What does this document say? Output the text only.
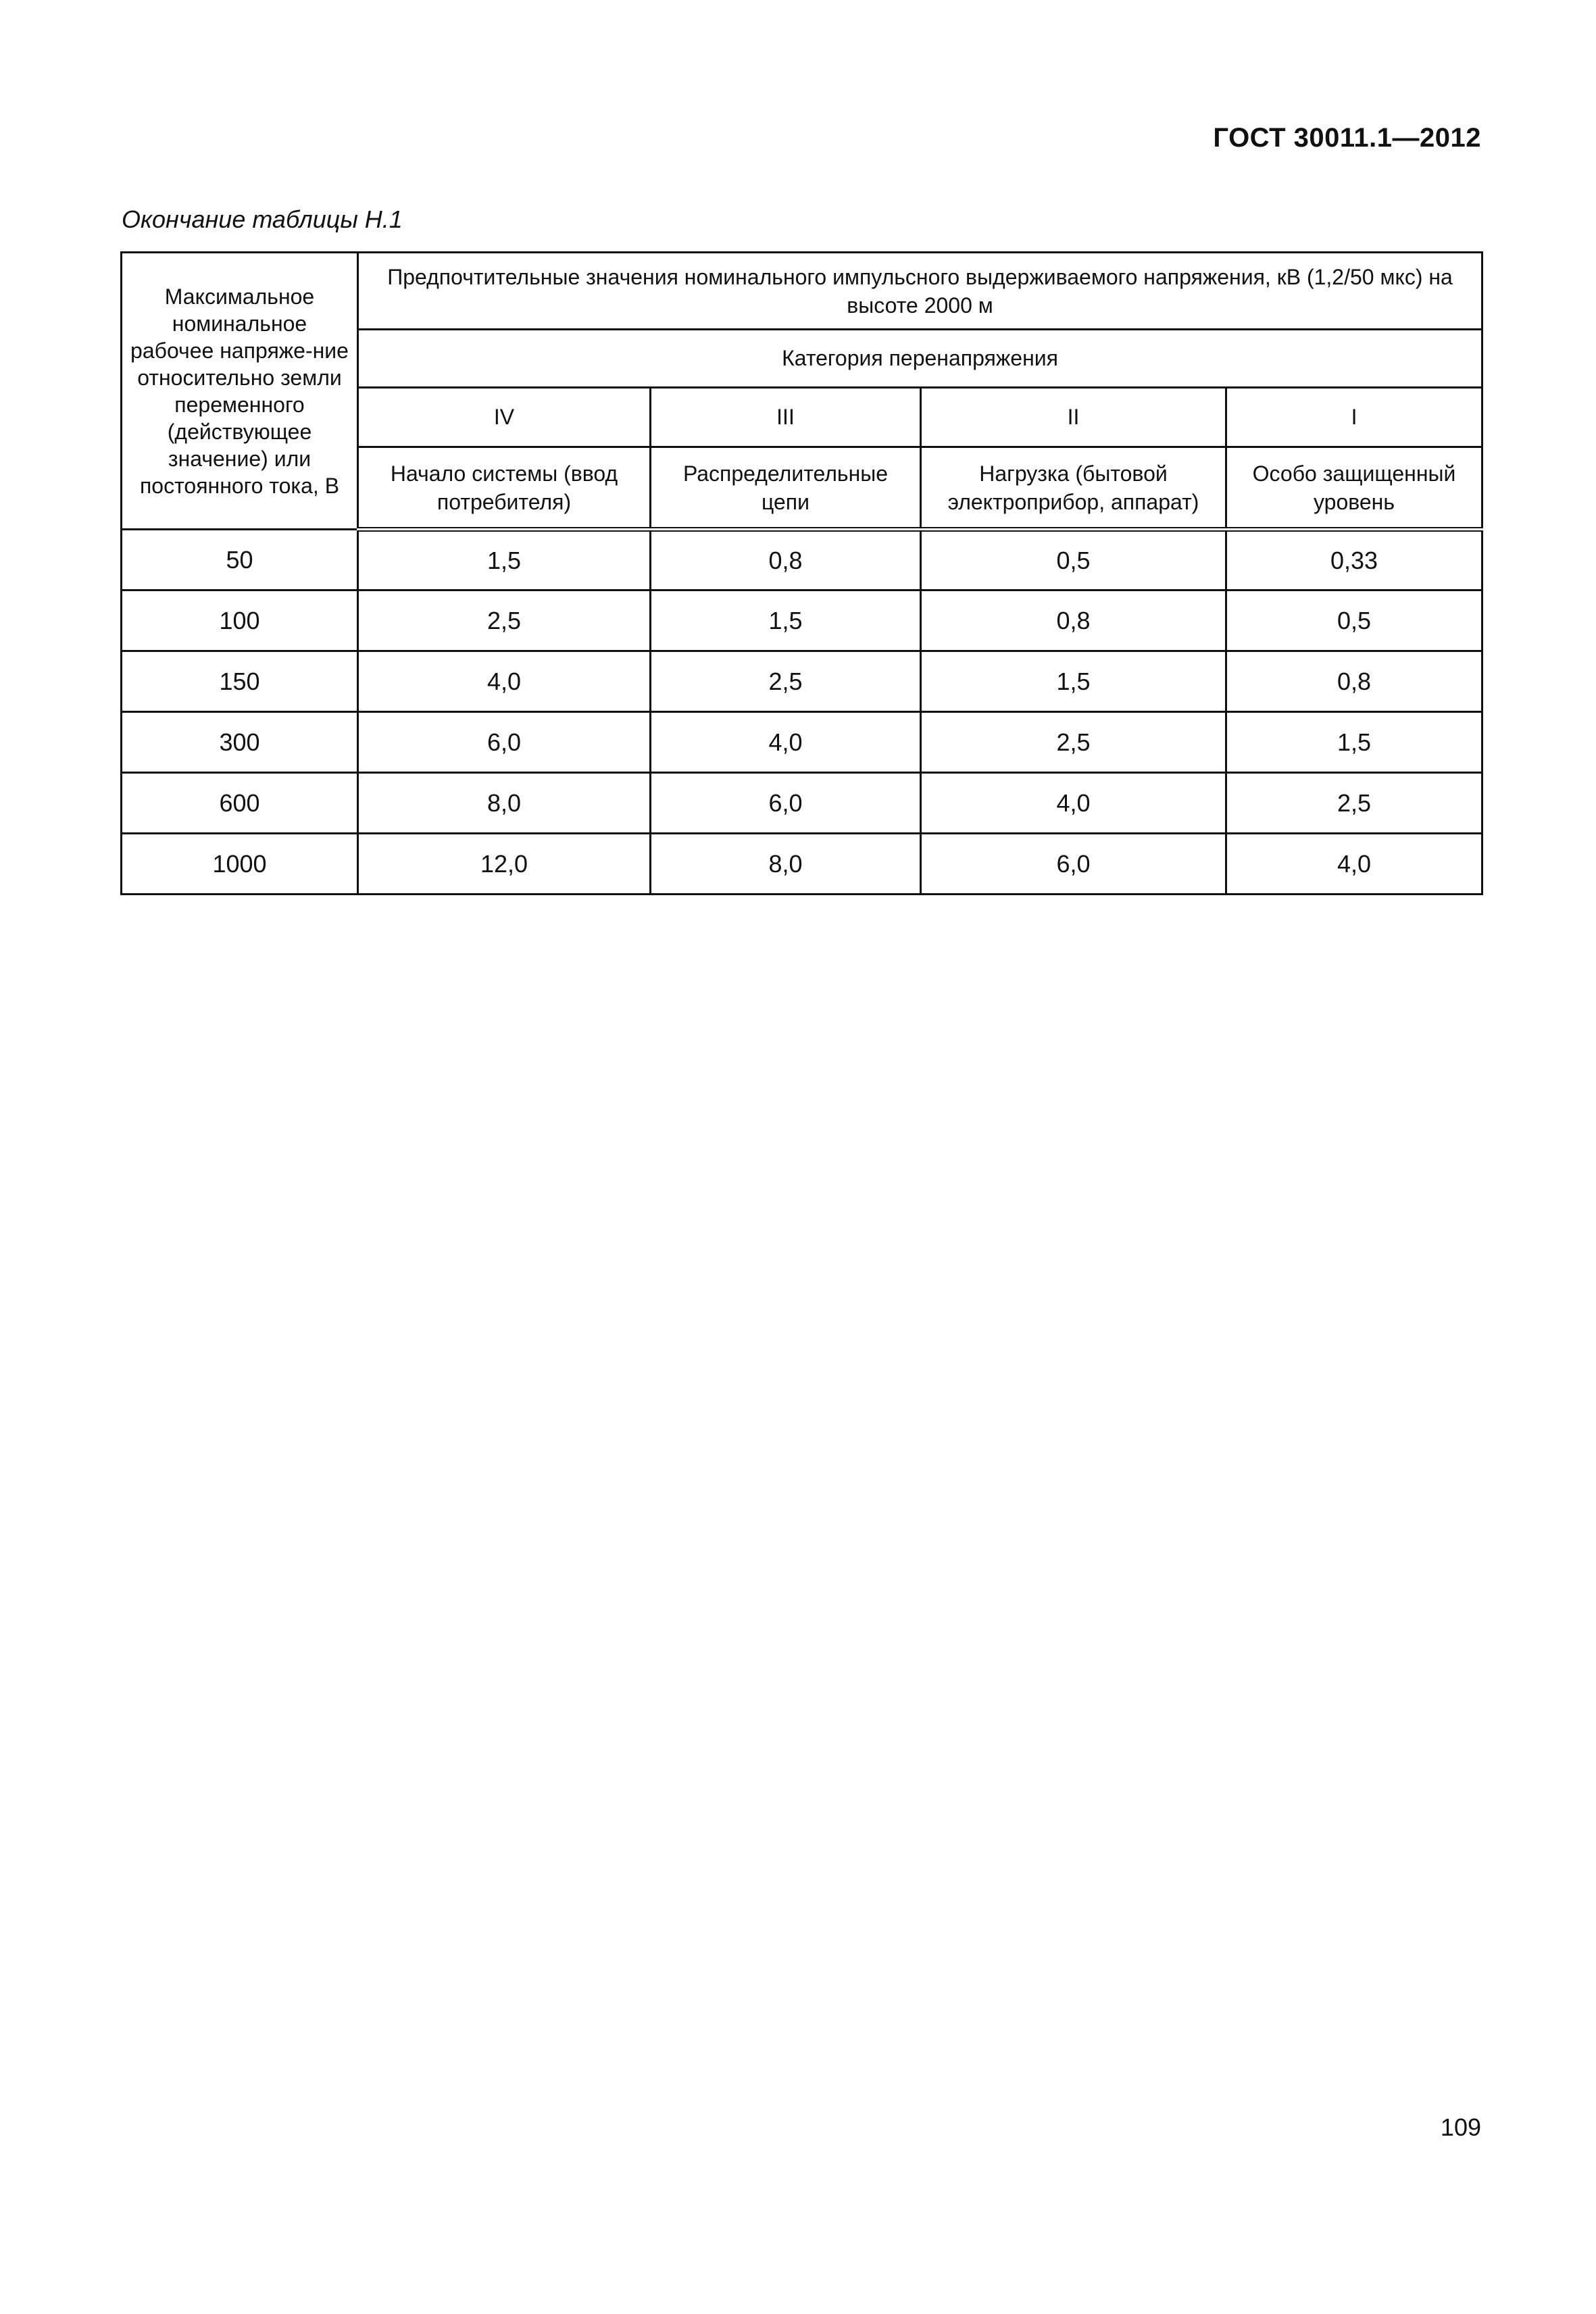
ГОСТ 30011.1—2012
Окончание таблицы Н.1
Максимальное номинальное рабочее напряже-ние относительно земли переменного (действующее значение) или постоянного тока, В	Предпочтительные значения номинального импульсного выдерживаемого напряжения, кВ (1,2/50 мкс) на высоте 2000 м			
	Категория перенапряжения			
	IV	III	II	I
	Начало системы (ввод потребителя)	Распределительные цепи	Нагрузка (бытовой электроприбор, аппарат)	Особо защищенный уровень
50	1,5	0,8	0,5	0,33
100	2,5	1,5	0,8	0,5
150	4,0	2,5	1,5	0,8
300	6,0	4,0	2,5	1,5
600	8,0	6,0	4,0	2,5
1000	12,0	8,0	6,0	4,0
109
